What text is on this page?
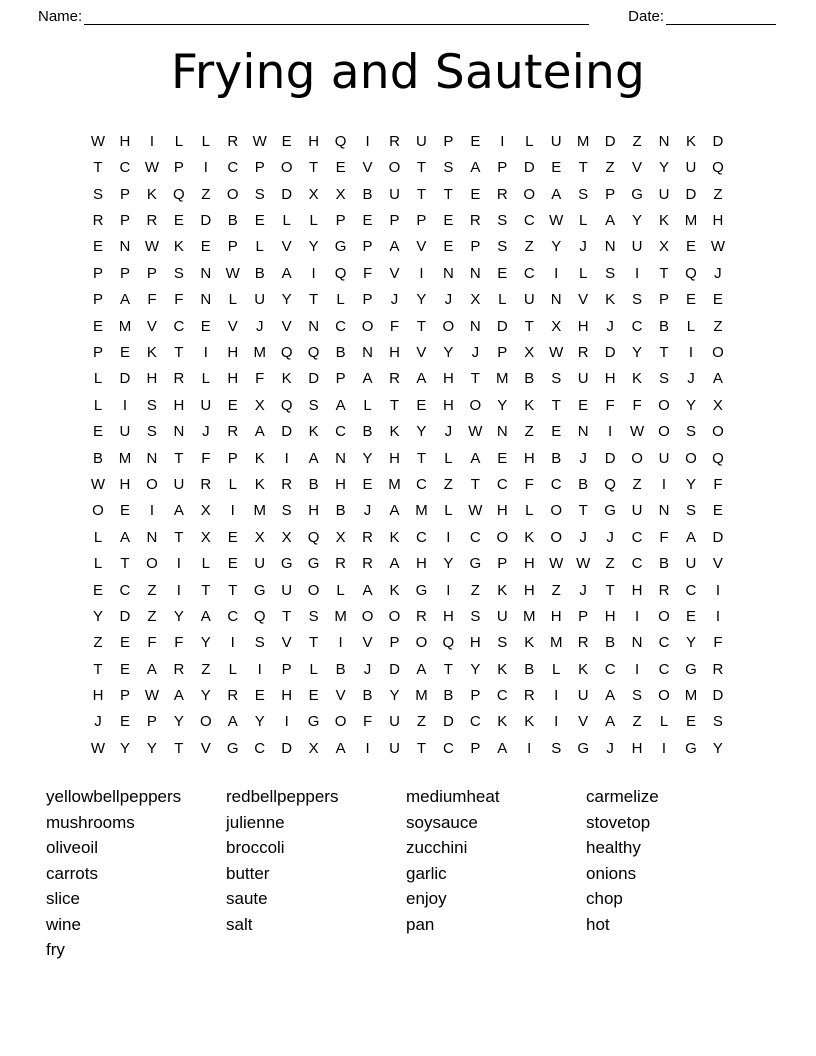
Name:	Date:
Frying and Sauteing
W H	I	L	L	R W E	H	Q	I	R	U	P	E	I	L	U	M	D	Z	N	K	D
T	C W P	I	C	P	O	T	E	V	O	T	S	A	P	D	E	T	Z	V	Y	U	Q
S	P	K	Q	Z	O	S	D	X	X	B	U	T	T	E	R	O	A	S	P	G	U	D	Z
R	P	R	E	D	B	E	L	L	P	E	P	P	E	R	S	C W	L	A	Y	K	M	H
E	N W K	E	P	L	V	Y	G	P	A	V	E	P	S	Z	Y	J	N	U	X	E W
P	P	P	S	N W B	A	I	Q	F	V	I	N	N	E	C	I	L	S	I	T	Q	J
P	A	F	F	N	L	U	Y	T	L	P	J	Y	J	X	L	U	N	V	K	S	P	E	E
E	M	V	C	E	V	J	V	N	C	O	F	T	O	N	D	T	X	H	J	C	B	L	Z
P	E	K	T	I	H	M Q	Q	B	N	H	V	Y	J	P	X W R	D	Y	T	I	O
L	D	H	R	L	H	F	K	D	P	A	R	A	H	T	M	B	S	U	H	K	S	J	A
L	I	S	H	U	E	X	Q	S	A	L	T	E	H	O	Y	K	T	E	F	F	O	Y	X
E	U	S	N	J	R	A	D	K	C	B	K	Y	J	W N	Z	E	N	I	W O	S	O
B	M	N	T	F	P	K	I	A	N	Y	H	T	L	A	E	H	B	J	D	O	U	O	Q
W H	O	U	R	L	K	R	B	H	E	M	C	Z	T	C	F	C	B	Q	Z	I	Y	F
O	E	I	A	X	I	M	S	H	B	J	A	M	L	W H	L	O	T	G	U	N	S	E
L	A	N	T	X	E	X	X	Q	X	R	K	C	I	C	O	K	O	J	J	C	F	A	D
L	T	O	I	L	E	U	G	G	R	R	A	H	Y	G	P	H W W	Z	C	B	U	V
E	C	Z	I	T	T	G	U	O	L	A	K	G	I	Z	K	H	Z	J	T	H	R	C	I
Y	D	Z	Y	A	C	Q	T	S	M O	O	R	H	S	U	M	H	P	H	I	O	E	I
Z	E	F	F	Y	I	S	V	T	I	V	P	O	Q	H	S	K	M	R	B	N	C	Y	F
T	E	A	R	Z	L	I	P	L	B	J	D	A	T	Y	K	B	L	K	C	I	C	G	R
H	P W A	Y	R	E	H	E	V	B	Y	M	B	P	C	R	I	U	A	S	O M	D
J	E	P	Y	O	A	Y	I	G	O	F	U	Z	D	C	K	K	I	V	A	Z	L	E	S
W Y	Y	T	V	G	C	D	X	A	I	U	T	C	P	A	I	S	G	J	H	I	G	Y
yellowbellpeppers
mushrooms
oliveoil
carrots
slice
wine
fry
redbellpeppers
julienne
broccoli
butter
saute
salt
mediumheat
soysauce
zucchini
garlic
enjoy
pan
carmelize
stovetop
healthy
onions
chop
hot
